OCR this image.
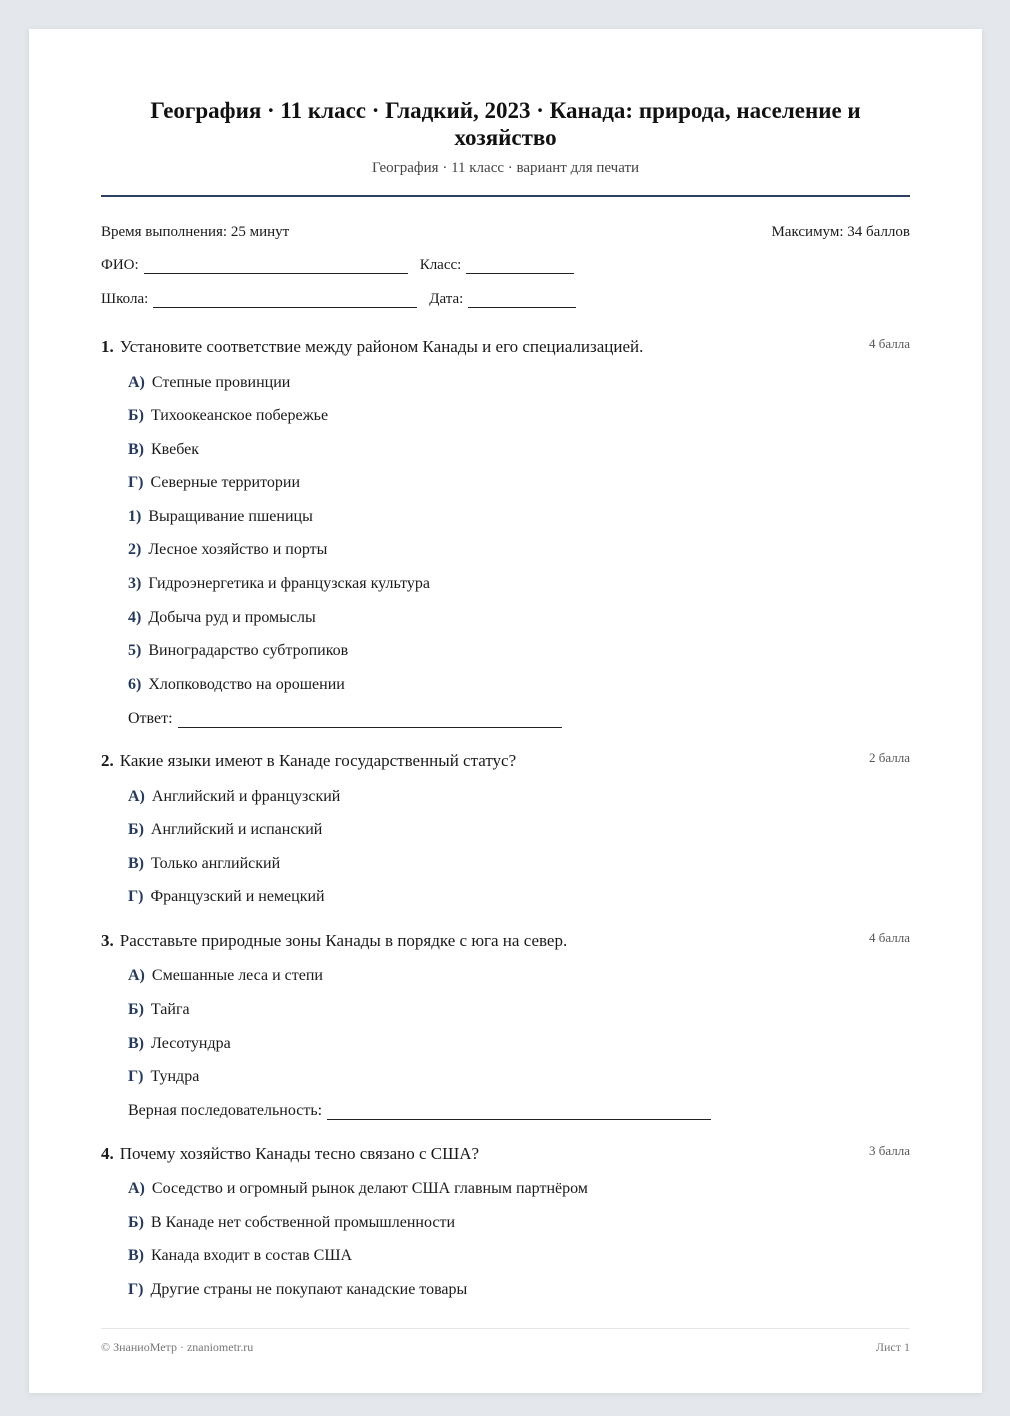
География · 11 класс · Гладкий, 2023 · Канада: природа, население и хозяйство
География · 11 класс · вариант для печати
Время выполнения: 25 минут	Максимум: 34 баллов
ФИО:	Класс:
Школа:	Дата:
1. Установите соответствие между районом Канады и его специализацией.	4 балла
А) Степные провинции
Б) Тихоокеанское побережье
В) Квебек
Г) Северные территории
1) Выращивание пшеницы
2) Лесное хозяйство и порты
3) Гидроэнергетика и французская культура
4) Добыча руд и промыслы
5) Виноградарство субтропиков
6) Хлопководство на орошении
Ответ:
2. Какие языки имеют в Канаде государственный статус?	2 балла
А) Английский и французский
Б) Английский и испанский
В) Только английский
Г) Французский и немецкий
3. Расставьте природные зоны Канады в порядке с юга на север.	4 балла
А) Смешанные леса и степи
Б) Тайга
В) Лесотундра
Г) Тундра
Верная последовательность:
4. Почему хозяйство Канады тесно связано с США?	3 балла
А) Соседство и огромный рынок делают США главным партнёром
Б) В Канаде нет собственной промышленности
В) Канада входит в состав США
Г) Другие страны не покупают канадские товары
© ЗнаниоМетр · znaniometr.ru	Лист 1
